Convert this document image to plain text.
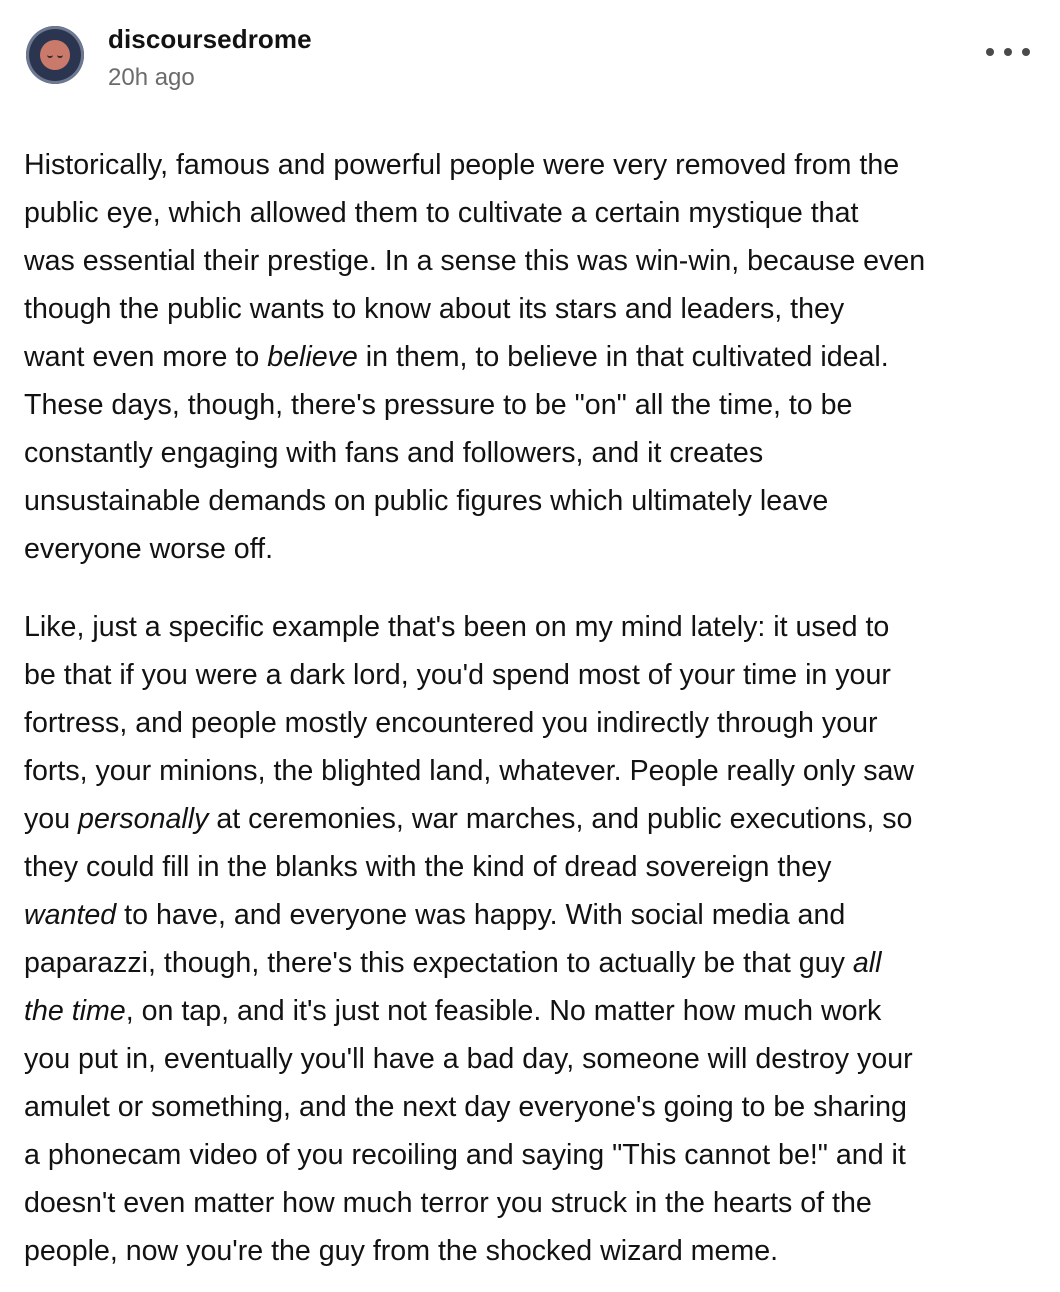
discoursedrome
20h ago

Historically, famous and powerful people were very removed from the
public eye, which allowed them to cultivate a certain mystique that
was essential their prestige. In a sense this was win-win, because even
though the public wants to know about its stars and leaders, they
want even more to believe in them, to believe in that cultivated ideal.
These days, though, there's pressure to be "on" all the time, to be
constantly engaging with fans and followers, and it creates
unsustainable demands on public figures which ultimately leave
everyone worse off.

Like, just a specific example that's been on my mind lately: it used to
be that if you were a dark lord, you'd spend most of your time in your
fortress, and people mostly encountered you indirectly through your
forts, your minions, the blighted land, whatever. People really only saw
you personally at ceremonies, war marches, and public executions, so
they could fill in the blanks with the kind of dread sovereign they
wanted to have, and everyone was happy. With social media and
paparazzi, though, there's this expectation to actually be that guy all
the time, on tap, and it's just not feasible. No matter how much work
you put in, eventually you'll have a bad day, someone will destroy your
amulet or something, and the next day everyone's going to be sharing
a phonecam video of you recoiling and saying "This cannot be!" and it
doesn't even matter how much terror you struck in the hearts of the
people, now you're the guy from the shocked wizard meme.
